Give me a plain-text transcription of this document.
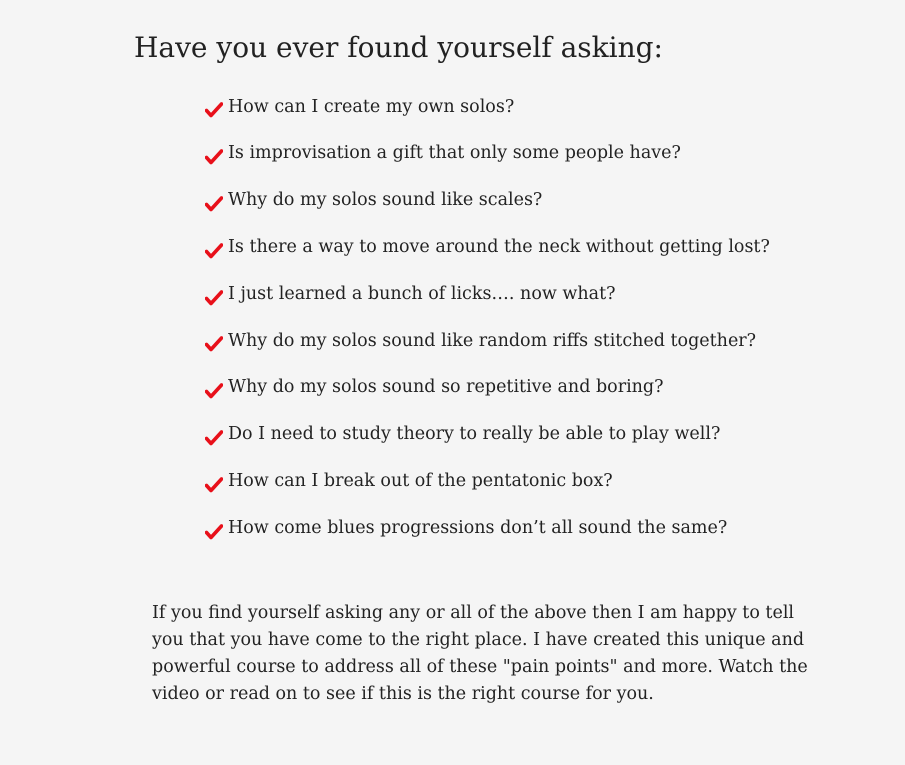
Have you ever found yourself asking:
How can I create my own solos?
Is improvisation a gift that only some people have?
Why do my solos sound like scales?
Is there a way to move around the neck without getting lost?
I just learned a bunch of licks…. now what?
Why do my solos sound like random riffs stitched together?
Why do my solos sound so repetitive and boring?
Do I need to study theory to really be able to play well?
How can I break out of the pentatonic box?
How come blues progressions don’t all sound the same?

If you find yourself asking any or all of the above then I am happy to tell you that you have come to the right place. I have created this unique and powerful course to address all of these "pain points" and more. Watch the video or read on to see if this is the right course for you.
